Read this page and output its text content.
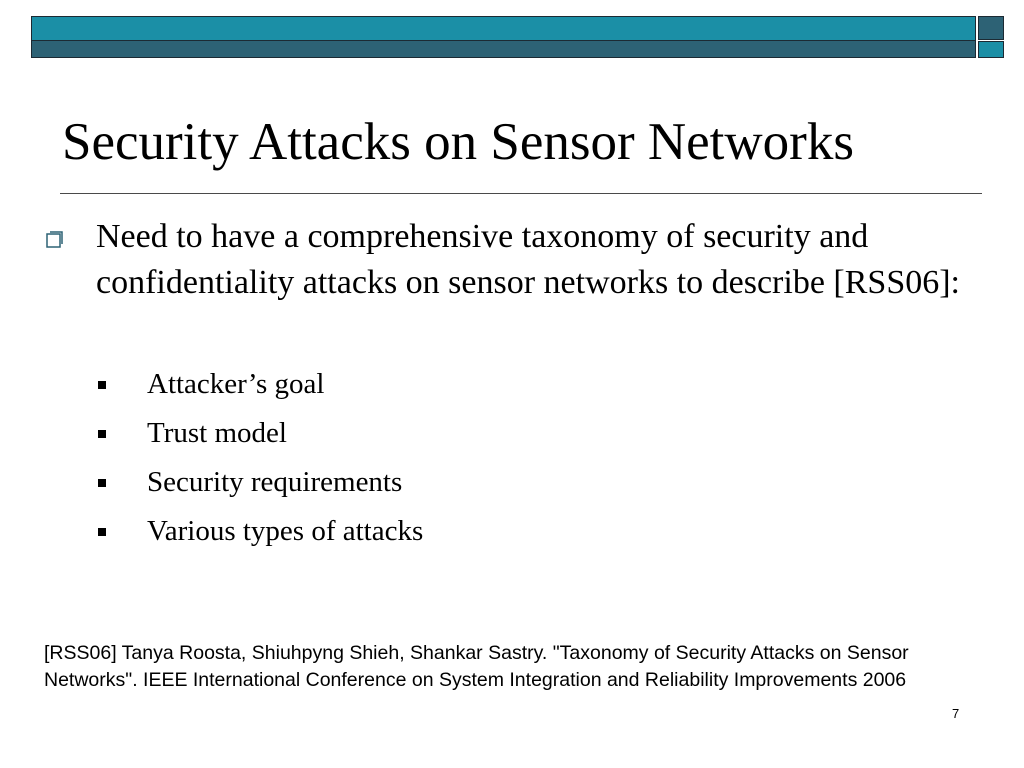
Security Attacks on Sensor Networks

Need to have a comprehensive taxonomy of security and confidentiality attacks on sensor networks to describe [RSS06]:

Attacker’s goal
Trust model
Security requirements
Various types of attacks

[RSS06] Tanya Roosta, Shiuhpyng Shieh, Shankar Sastry. "Taxonomy of Security Attacks on Sensor Networks". IEEE International Conference on System Integration and Reliability Improvements 2006

7
